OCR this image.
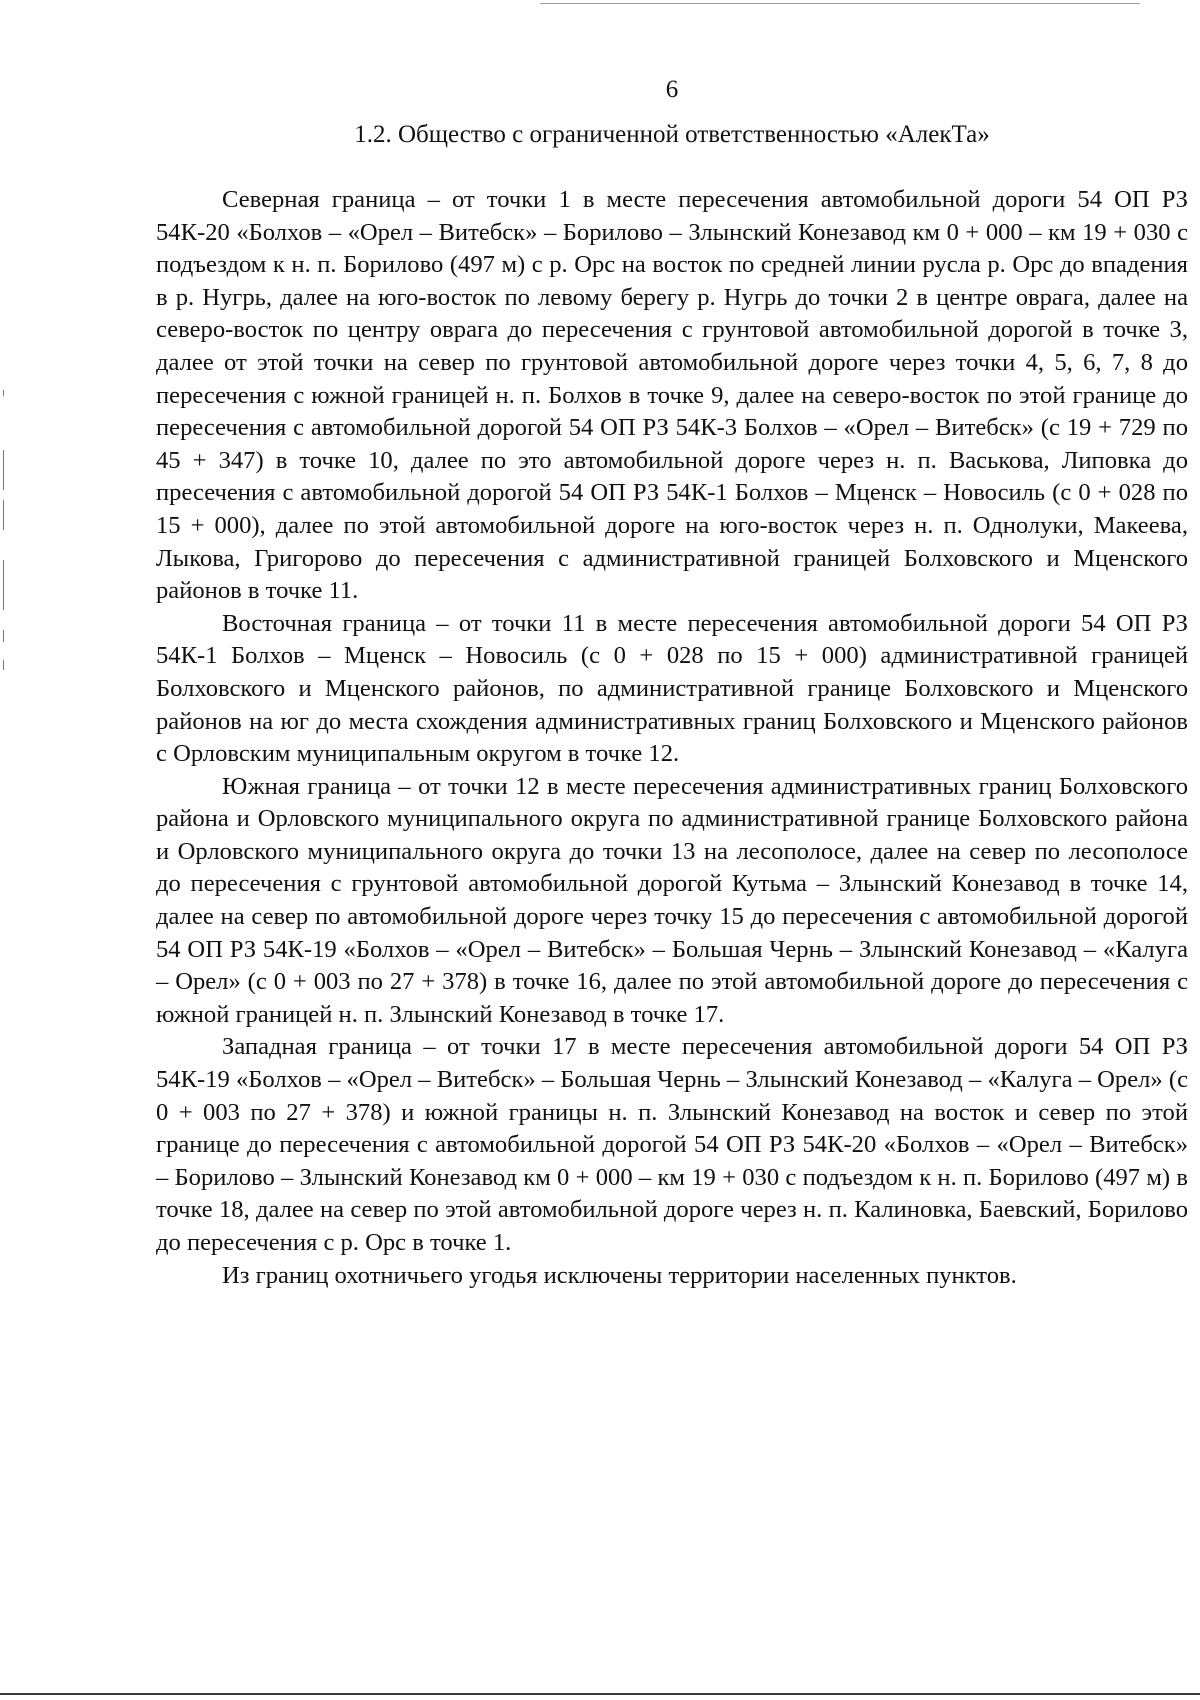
6
1.2. Общество с ограниченной ответственностью «АлекТа»

Северная граница – от точки 1 в месте пересечения автомобильной дороги 54 ОП РЗ 54К-20 «Болхов – «Орел – Витебск» – Борилово – Злынский Конезавод км 0 + 000 – км 19 + 030 с подъездом к н. п. Борилово (497 м) с р. Орс на восток по средней линии русла р. Орс до впадения в р. Нугрь, далее на юго-восток по левому берегу р. Нугрь до точки 2 в центре оврага, далее на северо-восток по центру оврага до пересечения с грунтовой автомобильной дорогой в точке 3, далее от этой точки на север по грунтовой автомобильной дороге через точки 4, 5, 6, 7, 8 до пересечения с южной границей н. п. Болхов в точке 9, далее на северо-восток по этой границе до пересечения с автомобильной дорогой 54 ОП РЗ 54К-3 Болхов – «Орел – Витебск» (с 19 + 729 по 45 + 347) в точке 10, далее по это автомобильной дороге через н. п. Васькова, Липовка до пресечения с автомобильной дорогой 54 ОП РЗ 54К-1 Болхов – Мценск – Новосиль (с 0 + 028 по 15 + 000), далее по этой автомобильной дороге на юго-восток через н. п. Однолуки, Макеева, Лыкова, Григорово до пересечения с административной границей Болховского и Мценского районов в точке 11.

Восточная граница – от точки 11 в месте пересечения автомобильной дороги 54 ОП РЗ 54К-1 Болхов – Мценск – Новосиль (с 0 + 028 по 15 + 000) административной границей Болховского и Мценского районов, по административной границе Болховского и Мценского районов на юг до места схождения административных границ Болховского и Мценского районов с Орловским муниципальным округом в точке 12.

Южная граница – от точки 12 в месте пересечения административных границ Болховского района и Орловского муниципального округа по административной границе Болховского района и Орловского муниципального округа до точки 13 на лесополосе, далее на север по лесополосе до пересечения с грунтовой автомобильной дорогой Кутьма – Злынский Конезавод в точке 14, далее на север по автомобильной дороге через точку 15 до пересечения с автомобильной дорогой 54 ОП РЗ 54К-19 «Болхов – «Орел – Витебск» – Большая Чернь – Злынский Конезавод – «Калуга – Орел» (с 0 + 003 по 27 + 378) в точке 16, далее по этой автомобильной дороге до пересечения с южной границей н. п. Злынский Конезавод в точке 17.

Западная граница – от точки 17 в месте пересечения автомобильной дороги 54 ОП РЗ 54К-19 «Болхов – «Орел – Витебск» – Большая Чернь – Злынский Конезавод – «Калуга – Орел» (с 0 + 003 по 27 + 378) и южной границы н. п. Злынский Конезавод на восток и север по этой границе до пересечения с автомобильной дорогой 54 ОП РЗ 54К-20 «Болхов – «Орел – Витебск» – Борилово – Злынский Конезавод км 0 + 000 – км 19 + 030 с подъездом к н. п. Борилово (497 м) в точке 18, далее на север по этой автомобильной дороге через н. п. Калиновка, Баевский, Борилово до пересечения с р. Орс в точке 1.

Из границ охотничьего угодья исключены территории населенных пунктов.
